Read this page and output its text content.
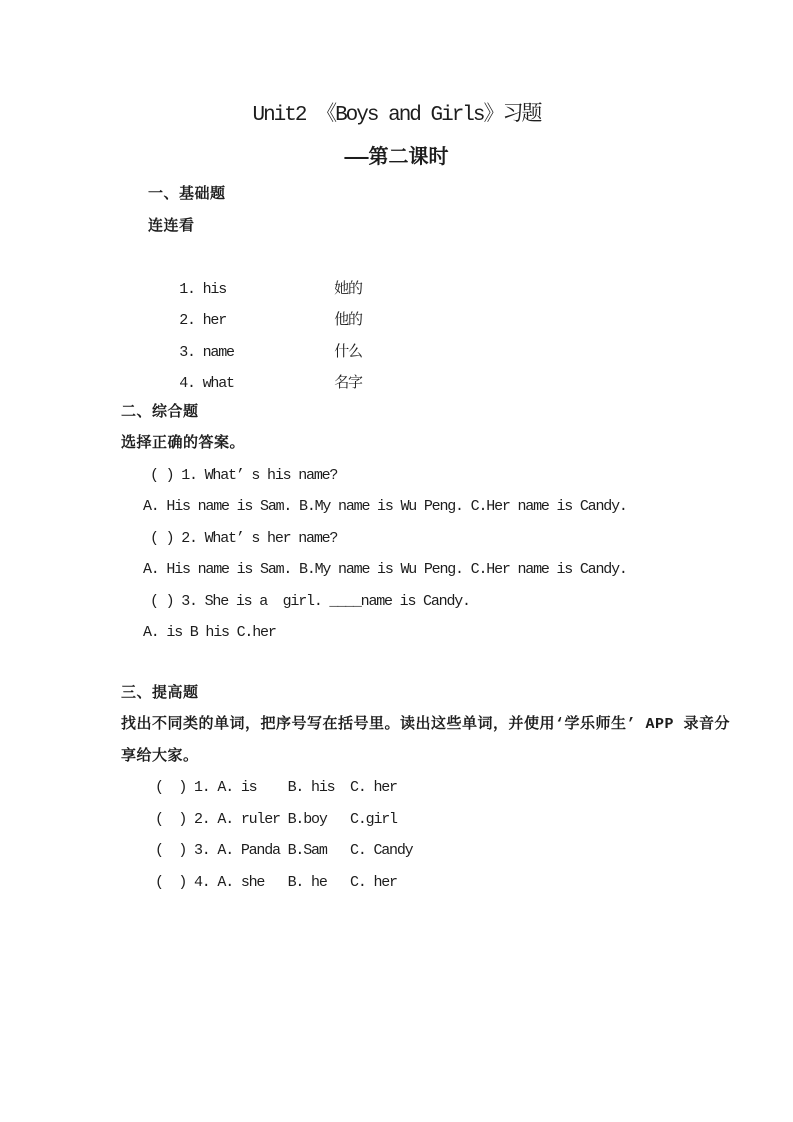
Unit2 《Boys and Girls》习题
——第二课时
一、基础题
连连看

1. his	她的

2. her	他的

3. name	什么

4. what	名字

二、综合题
选择正确的答案。
( ) 1. What’ s his name?
A. His name is Sam. B.My name is Wu Peng. C.Her name is Candy.
( ) 2. What’ s her name?
A. His name is Sam. B.My name is Wu Peng. C.Her name is Candy.
( ) 3. She is a  girl. ____name is Candy.
A. is B his C.her
三、提高题
找出不同类的单词，把序号写在括号里。读出这些单词，并使用‘学乐师生’ APP 录音分
享给大家。
(  ) 1. A. is    B. his  C. her
(  ) 2. A. ruler B.boy   C.girl
(  ) 3. A. Panda B.Sam   C. Candy
(  ) 4. A. she   B. he   C. her
